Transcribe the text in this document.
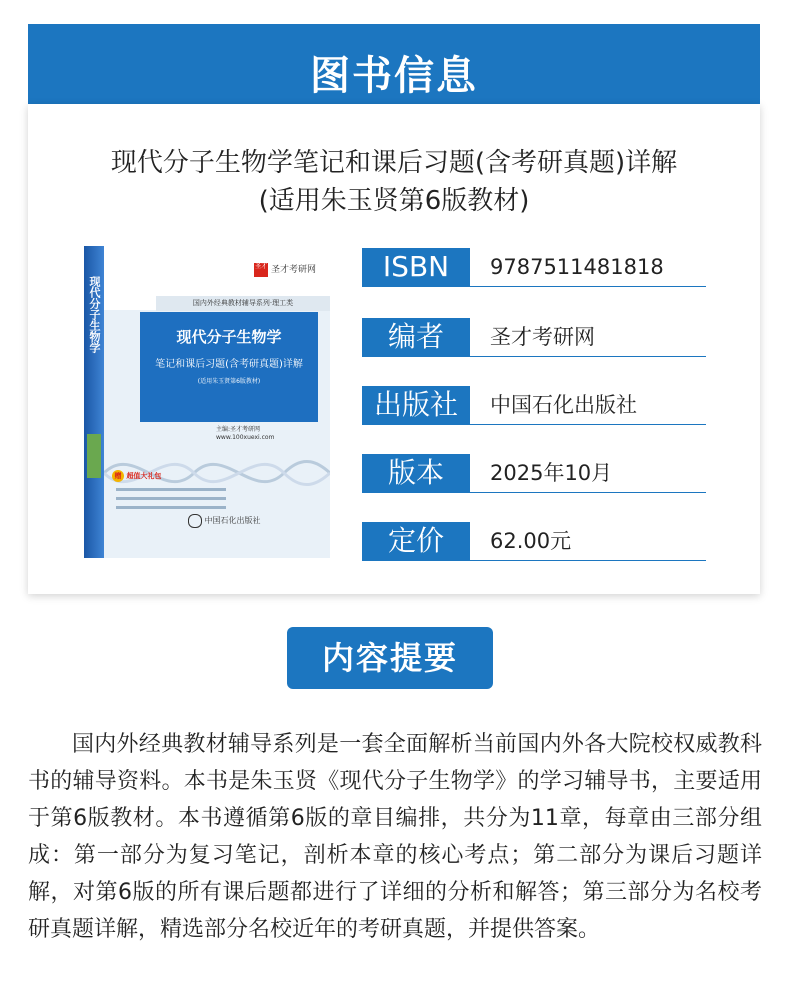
图书信息
现代分子生物学笔记和课后习题(含考研真题)详解
(适用朱玉贤第6版教材)
现代分子生物学
圣才 圣才考研网
国内外经典教材辅导系列·理工类
现代分子生物学
笔记和课后习题(含考研真题)详解
(适用朱玉贤第6版教材)
主编:圣才考研网
www.100xuexi.com
赠 超值大礼包
中国石化出版社
ISBN	9787511481818
编者	圣才考研网
出版社	中国石化出版社
版本	2025年10月
定价	62.00元
内容提要
国内外经典教材辅导系列是一套全面解析当前国内外各大院校权威教科书的辅导资料。本书是朱玉贤《现代分子生物学》的学习辅导书，主要适用于第6版教材。本书遵循第6版的章目编排，共分为11章，每章由三部分组成：第一部分为复习笔记，剖析本章的核心考点；第二部分为课后习题详解，对第6版的所有课后题都进行了详细的分析和解答；第三部分为名校考研真题详解，精选部分名校近年的考研真题，并提供答案。
